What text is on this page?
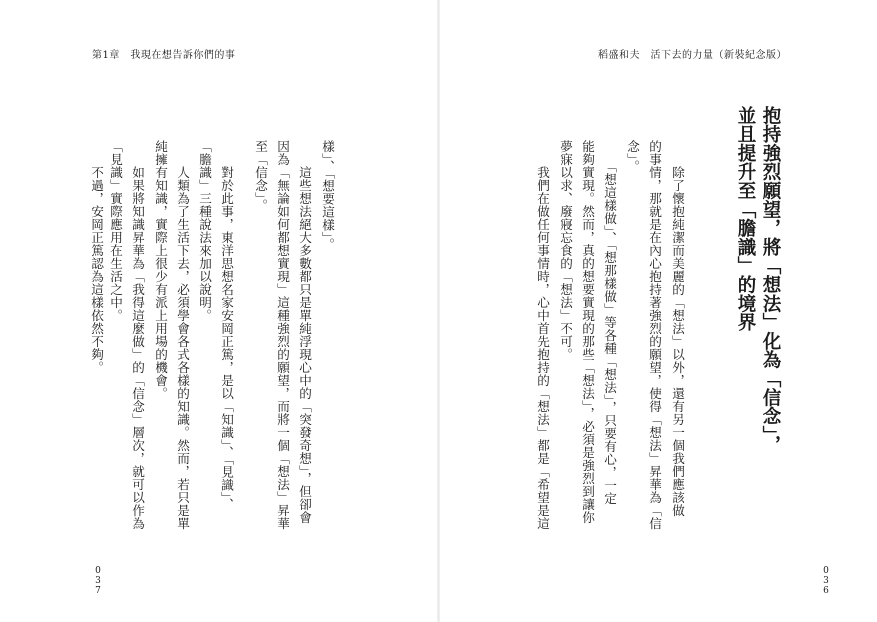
第1章　我現在想告訴你們的事	稻盛和夫　活下去的力量（新裝紀念版）
抱持強烈願望，將「想法」化為「信念」，
並且提升至「膽識」的境界
　除了懷抱純潔而美麗的「想法」以外，還有另一個我們應該做
的事情，那就是在內心抱持著強烈的願望，使得「想法」昇華為「信
念」。
　「想這樣做」、「想那樣做」等各種「想法」，只要有心，一定
能夠實現。然而，真的想要實現的那些「想法」，必須是強烈到讓你
夢寐以求、廢寢忘食的「想法」不可。
　我們在做任何事情時，心中首先抱持的「想法」都是「希望是這
樣」、「想要這樣」。
　這些想法絕大多數都只是單純浮現心中的「突發奇想」，但卻會
因為「無論如何都想實現」這種強烈的願望，而將一個「想法」昇華
至「信念」。
　對於此事，東洋思想名家安岡正篤，是以「知識」、「見識」、
「膽識」三種說法來加以說明。
　人類為了生活下去，必須學會各式各樣的知識。然而，若只是單
純擁有知識，實際上很少有派上用場的機會。
　如果將知識昇華為「我得這麼做」的「信念」層次，就可以作為
「見識」實際應用在生活之中。
　不過，安岡正篤認為這樣依然不夠。
0
3
7
0
3
6
